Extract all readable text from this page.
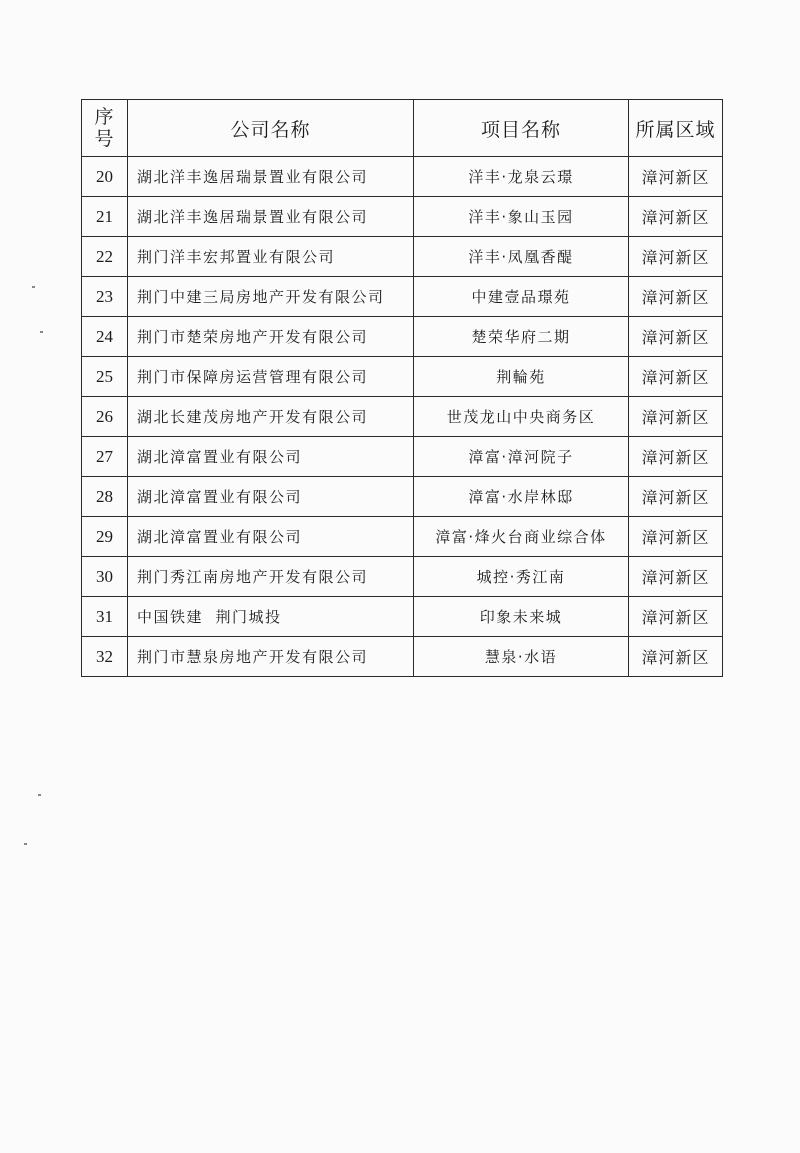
序
号	公司名称	项目名称	所属区域
20	湖北洋丰逸居瑞景置业有限公司	洋丰·龙泉云璟	漳河新区
21	湖北洋丰逸居瑞景置业有限公司	洋丰·象山玉园	漳河新区
22	荆门洋丰宏邦置业有限公司	洋丰·凤凰香醍	漳河新区
23	荆门中建三局房地产开发有限公司	中建壹品璟苑	漳河新区
24	荆门市楚荣房地产开发有限公司	楚荣华府二期	漳河新区
25	荆门市保障房运营管理有限公司	荆輪苑	漳河新区
26	湖北长建茂房地产开发有限公司	世茂龙山中央商务区	漳河新区
27	湖北漳富置业有限公司	漳富·漳河院子	漳河新区
28	湖北漳富置业有限公司	漳富·水岸林邸	漳河新区
29	湖北漳富置业有限公司	漳富·烽火台商业综合体	漳河新区
30	荆门秀江南房地产开发有限公司	城控·秀江南	漳河新区
31	中国铁建  荆门城投	印象未来城	漳河新区
32	荆门市慧泉房地产开发有限公司	慧泉·水语	漳河新区
